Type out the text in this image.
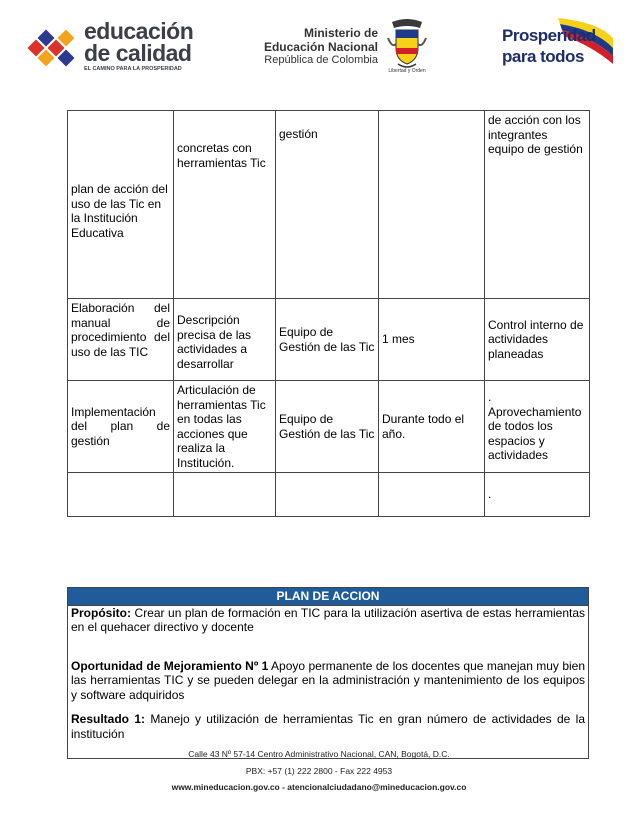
educación
de calidad
EL CAMINO PARA LA PROSPERIDAD
Ministerio de
Educación Nacional
República de Colombia
Libertad y Orden
Prosperidad
para todos
plan de acción del uso de las Tic en la Institución Educativa	concretas con herramientas Tic	gestión		de acción con los integrantes equipo de gestión
Elaboración del manual de procedimiento del uso de las TIC	Descripción precisa de las actividades a desarrollar	Equipo de Gestión de las Tic	1 mes	Control interno de actividades planeadas
Implementación del plan de gestión	Articulación de herramientas Tic en todas las acciones que realiza la Institución.	Equipo de Gestión de las Tic	Durante todo el año.	. Aprovechamiento de todos los espacios y actividades
				.
PLAN DE ACCION

Propósito: Crear un plan de formación en TIC para la utilización asertiva de estas herramientas en el quehacer directivo y docente

Oportunidad de Mejoramiento Nº 1 Apoyo permanente de los docentes que manejan muy bien las herramientas TIC y se pueden delegar en la administración y mantenimiento de los equipos y software adquiridos

Resultado 1: Manejo y utilización de herramientas Tic en gran número de actividades de la institución

Calle 43 Nº 57-14 Centro Administrativo Nacional, CAN, Bogotá, D.C.
PBX: +57 (1) 222 2800 - Fax 222 4953
www.mineducacion.gov.co - atencionalciudadano@mineducacion.gov.co
